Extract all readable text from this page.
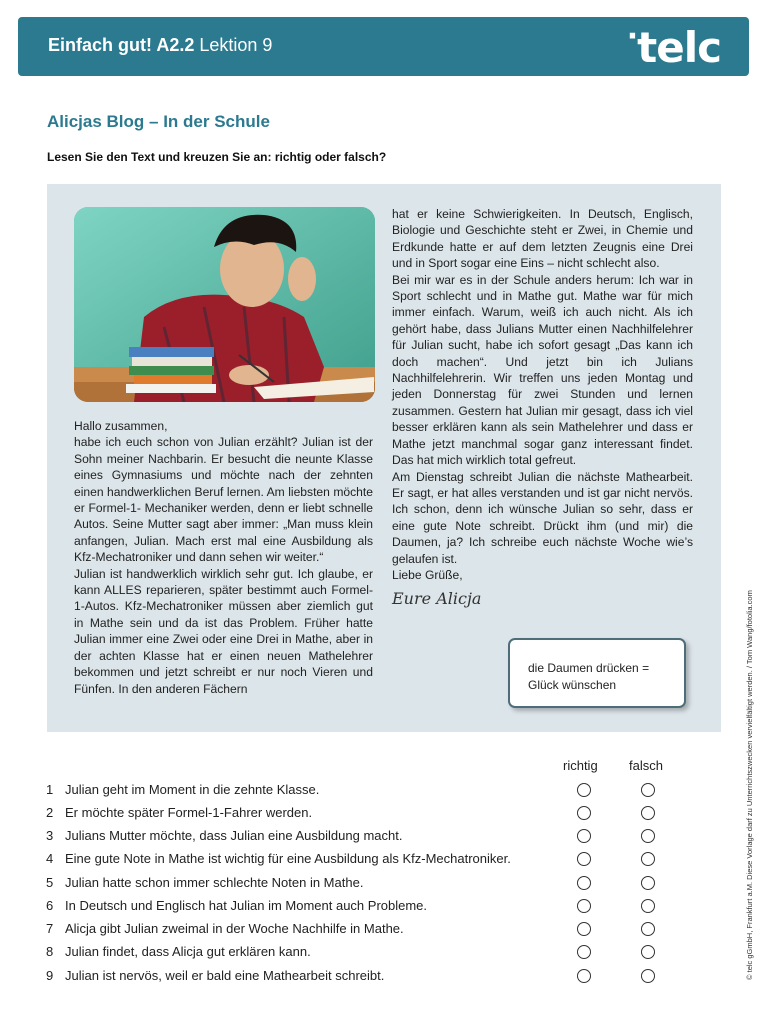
Einfach gut! A2.2 Lektion 9	·telc
Alicjas Blog – In der Schule
Lesen Sie den Text und kreuzen Sie an: richtig oder falsch?

Hallo zusammen,

habe ich euch schon von Julian erzählt? Julian ist der Sohn meiner Nachbarin. Er besucht die neunte Klasse eines Gymnasiums und möchte nach der zehnten einen handwerklichen Beruf lernen. Am liebsten möchte er Formel-1- Mechaniker werden, denn er liebt schnelle Autos. Seine Mutter sagt aber immer: „Man muss klein anfangen, Julian. Mach erst mal eine Ausbildung als Kfz-Mechatroniker und dann sehen wir weiter.“

Julian ist handwerklich wirklich sehr gut. Ich glaube, er kann ALLES reparieren, später bestimmt auch Formel-1-Autos. Kfz-Mechatroniker müssen aber ziemlich gut in Mathe sein und da ist das Problem. Früher hatte Julian immer eine Zwei oder eine Drei in Mathe, aber in der achten Klasse hat er einen neuen Mathelehrer bekommen und jetzt schreibt er nur noch Vieren und Fünfen. In den anderen Fächern

hat er keine Schwierigkeiten. In Deutsch, Englisch, Biologie und Geschichte steht er Zwei, in Chemie und Erdkunde hatte er auf dem letzten Zeugnis eine Drei und in Sport sogar eine Eins – nicht schlecht also.

Bei mir war es in der Schule anders herum: Ich war in Sport schlecht und in Mathe gut. Mathe war für mich immer einfach. Warum, weiß ich auch nicht. Als ich gehört habe, dass Julians Mutter einen Nachhilfelehrer für Julian sucht, habe ich sofort gesagt „Das kann ich doch machen“. Und jetzt bin ich Julians Nachhilfelehrerin. Wir treffen uns jeden Montag und jeden Donnerstag für zwei Stunden und lernen zusammen. Gestern hat Julian mir gesagt, dass ich viel besser erklären kann als sein Mathelehrer und dass er Mathe jetzt manchmal sogar ganz interessant findet. Das hat mich wirklich total gefreut.

Am Dienstag schreibt Julian die nächste Mathearbeit. Er sagt, er hat alles verstanden und ist gar nicht nervös. Ich schon, denn ich wünsche Julian so sehr, dass er eine gute Note schreibt. Drückt ihm (und mir) die Daumen, ja? Ich schreibe euch nächste Woche wie’s gelaufen ist.

Liebe Grüße,

Eure Alicja

die Daumen drücken =
Glück wünschen
richtig falsch
1 Julian geht im Moment in die zehnte Klasse.
2 Er möchte später Formel-1-Fahrer werden.
3 Julians Mutter möchte, dass Julian eine Ausbildung macht.
4 Eine gute Note in Mathe ist wichtig für eine Ausbildung als Kfz-Mechatroniker.
5 Julian hatte schon immer schlechte Noten in Mathe.
6 In Deutsch und Englisch hat Julian im Moment auch Probleme.
7 Alicja gibt Julian zweimal in der Woche Nachhilfe in Mathe.
8 Julian findet, dass Alicja gut erklären kann.
9 Julian ist nervös, weil er bald eine Mathearbeit schreibt.	© telc gGmbH, Frankfurt a.M. Diese Vorlage darf zu Unterrichtszwecken vervielfältigt werden. / Tom Wang/fotolia.com
